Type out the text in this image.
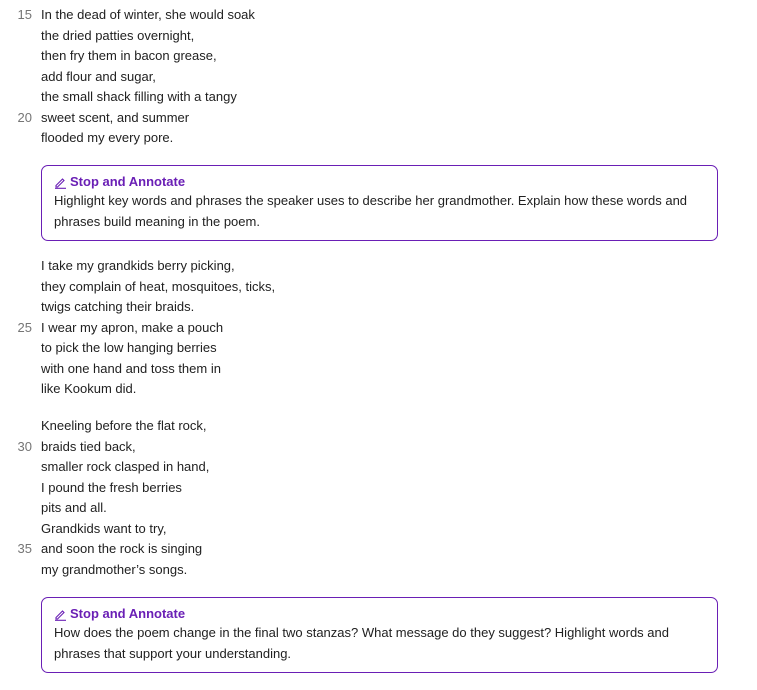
15 In the dead of winter, she would soak
the dried patties overnight,
then fry them in bacon grease,
add flour and sugar,
the small shack filling with a tangy
20 sweet scent, and summer
flooded my every pore.
I take my grandkids berry picking,
they complain of heat, mosquitoes, ticks,
twigs catching their braids.
25 I wear my apron, make a pouch
to pick the low hanging berries
with one hand and toss them in
like Kookum did.
Kneeling before the flat rock,
30 braids tied back,
smaller rock clasped in hand,
I pound the fresh berries
pits and all.
Grandkids want to try,
35 and soon the rock is singing
my grandmother’s songs.
Stop and Annotate
Highlight key words and phrases the speaker uses to describe her grandmother. Explain how these words and phrases build meaning in the poem.
Stop and Annotate
How does the poem change in the final two stanzas? What message do they suggest? Highlight words and phrases that support your understanding.
